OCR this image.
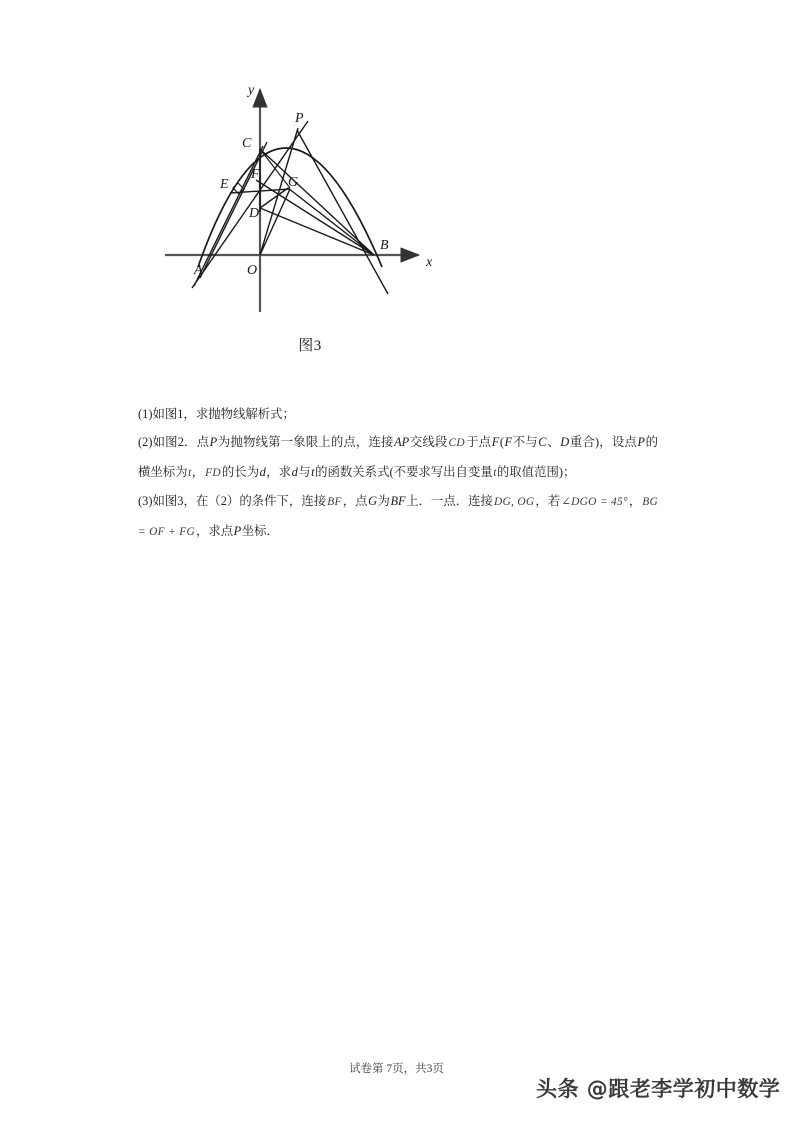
x
y
A	O
B
C
P
E
F
G
D
图3
(1)如图1，求抛物线解析式；
(2)如图2．点P为抛物线第一象限上的点，连接AP交线段CD于点F(F不与C、D重合)，设点P的横坐标为t，FD的长为d，求d与t的函数关系式(不要求写出自变量t的取值范围)；
(3)如图3，在（2）的条件下，连接BF，点G为BF上．一点．连接DG, OG，若∠DGO = 45°，BG = OF + FG，求点P坐标．
试卷第 7页，共3页
头条 @跟老李学初中数学
